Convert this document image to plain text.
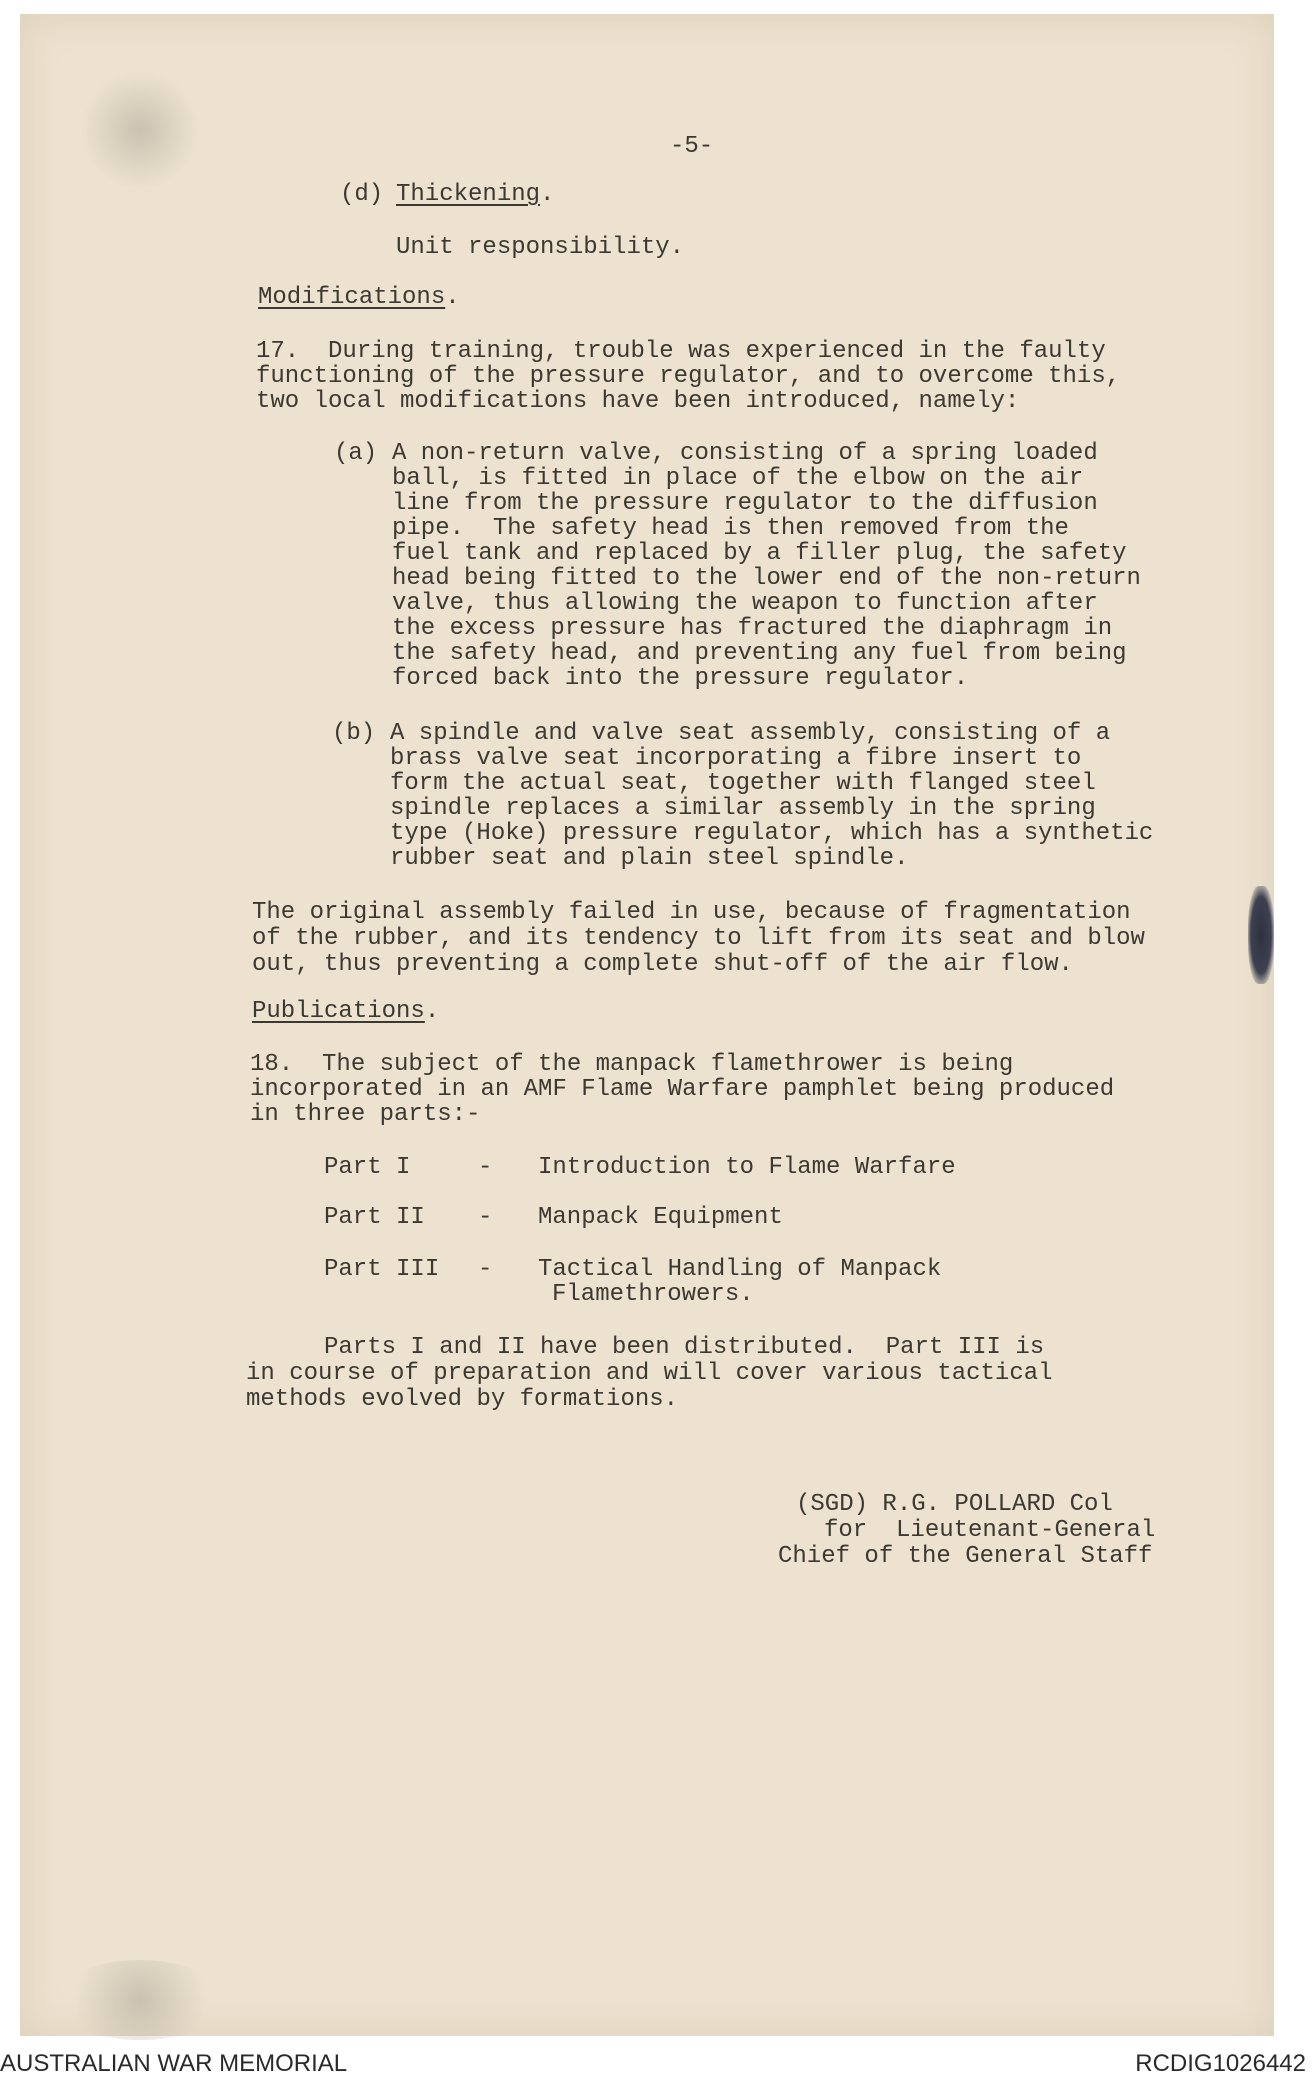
-5-

(d) Thickening.

Unit responsibility.

Modifications.

17.  During training, trouble was experienced in the faulty

functioning of the pressure regulator, and to overcome this,

two local modifications have been introduced, namely:

(a) A non-return valve, consisting of a spring loaded

ball, is fitted in place of the elbow on the air

line from the pressure regulator to the diffusion

pipe.  The safety head is then removed from the

fuel tank and replaced by a filler plug, the safety

head being fitted to the lower end of the non-return

valve, thus allowing the weapon to function after

the excess pressure has fractured the diaphragm in

the safety head, and preventing any fuel from being

forced back into the pressure regulator.

(b) A spindle and valve seat assembly, consisting of a

brass valve seat incorporating a fibre insert to

form the actual seat, together with flanged steel

spindle replaces a similar assembly in the spring

type (Hoke) pressure regulator, which has a synthetic

rubber seat and plain steel spindle.

The original assembly failed in use, because of fragmentation

of the rubber, and its tendency to lift from its seat and blow

out, thus preventing a complete shut-off of the air flow.

Publications.

18.  The subject of the manpack flamethrower is being

incorporated in an AMF Flame Warfare pamphlet being produced

in three parts:-

Part I	- Introduction to Flame Warfare

Part II - Manpack Equipment

Part III - Tactical Handling of Manpack

Flamethrowers.

Parts I and II have been distributed.  Part III is

in course of preparation and will cover various tactical

methods evolved by formations.

(SGD) R.G. POLLARD Col

for  Lieutenant-General

Chief of the General Staff

AUSTRALIAN WAR MEMORIAL	RCDIG1026442
